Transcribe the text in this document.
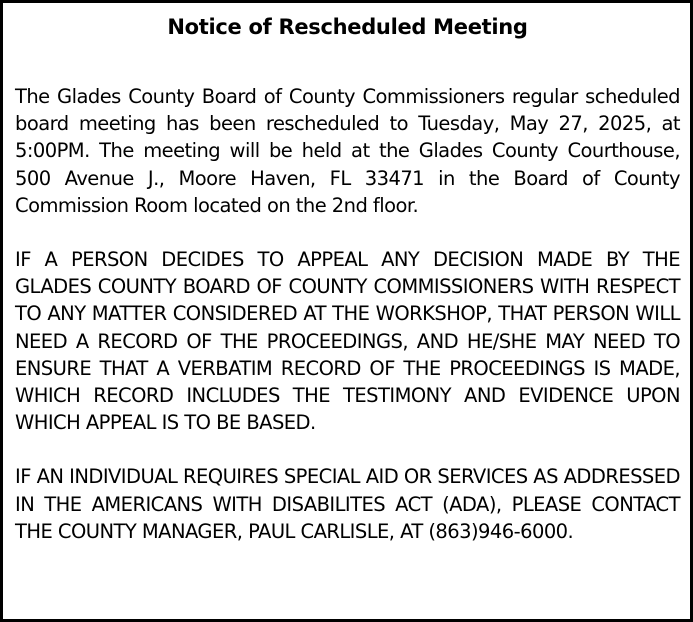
Notice of Rescheduled Meeting

The Glades County Board of County Commissioners regular scheduled board meeting has been rescheduled to Tuesday, May 27, 2025, at 5:00PM. The meeting will be held at the Glades County Courthouse, 500 Avenue J., Moore Haven, FL 33471 in the Board of County Commission Room located on the 2nd floor.

IF A PERSON DECIDES TO APPEAL ANY DECISION MADE BY THE GLADES COUNTY BOARD OF COUNTY COMMISSIONERS WITH RESPECT TO ANY MATTER CONSIDERED AT THE WORKSHOP, THAT PERSON WILL NEED A RECORD OF THE PROCEEDINGS, AND HE/SHE MAY NEED TO ENSURE THAT A VERBATIM RECORD OF THE PROCEEDINGS IS MADE, WHICH RECORD INCLUDES THE TESTIMONY AND EVIDENCE UPON WHICH APPEAL IS TO BE BASED.

IF AN INDIVIDUAL REQUIRES SPECIAL AID OR SERVICES AS ADDRESSED IN THE AMERICANS WITH DISABILITES ACT (ADA), PLEASE CONTACT THE COUNTY MANAGER, PAUL CARLISLE, AT (863)946-6000.
